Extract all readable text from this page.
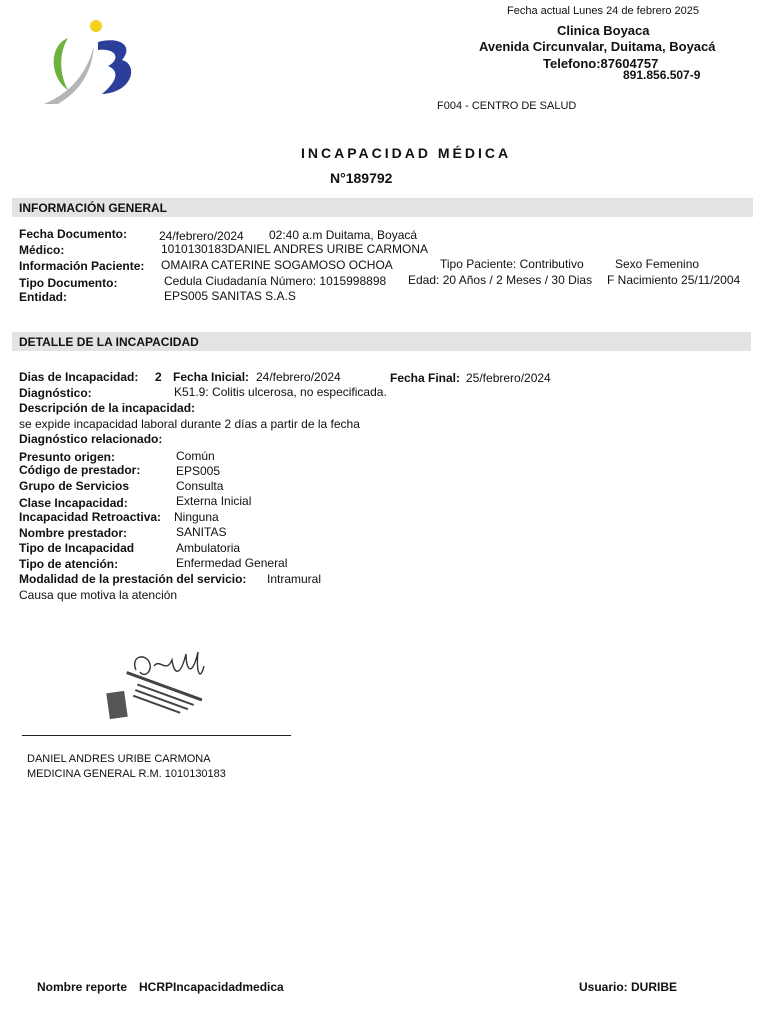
Fecha actual Lunes 24 de febrero 2025
Clinica Boyaca
Avenida Circunvalar, Duitama, Boyacá
Telefono:87604757
891.856.507-9
F004 - CENTRO DE SALUD
INCAPACIDAD MÉDICA
N°189792
INFORMACIÓN GENERAL
Fecha Documento:	24/febrero/2024 02:40 a.m Duitama, Boyacá
Médico:	1010130183DANIEL ANDRES URIBE CARMONA
Información Paciente: OMAIRA CATERINE SOGAMOSO OCHOA	Tipo Paciente: Contributivo	Sexo Femenino
Tipo Documento:	Cedula Ciudadanía Número: 1015998898 Edad: 20 Años / 2 Meses / 30 Dias F Nacimiento 25/11/2004
Entidad:	EPS005 SANITAS S.A.S
DETALLE DE LA INCAPACIDAD
Dias de Incapacidad: 2 Fecha Inicial: 24/febrero/2024	Fecha Final: 25/febrero/2024
Diagnóstico:	K51.9: Colitis ulcerosa, no especificada.
Descripción de la incapacidad:
se expide incapacidad laboral durante 2 días a partir de la fecha
Diagnóstico relacionado:
Presunto origen:	Común
Código de prestador:	EPS005
Grupo de Servicios	Consulta
Clase Incapacidad:	Externa Inicial
Incapacidad Retroactiva: Ninguna
Nombre prestador:	SANITAS
Tipo de Incapacidad	Ambulatoria
Tipo de atención:	Enfermedad General
Modalidad de la prestación del servicio: Intramural
Causa que motiva la atención
DANIEL ANDRES URIBE CARMONA
MEDICINA GENERAL R.M. 1010130183
Nombre reporte HCRPIncapacidadmedica	Usuario: DURIBE
